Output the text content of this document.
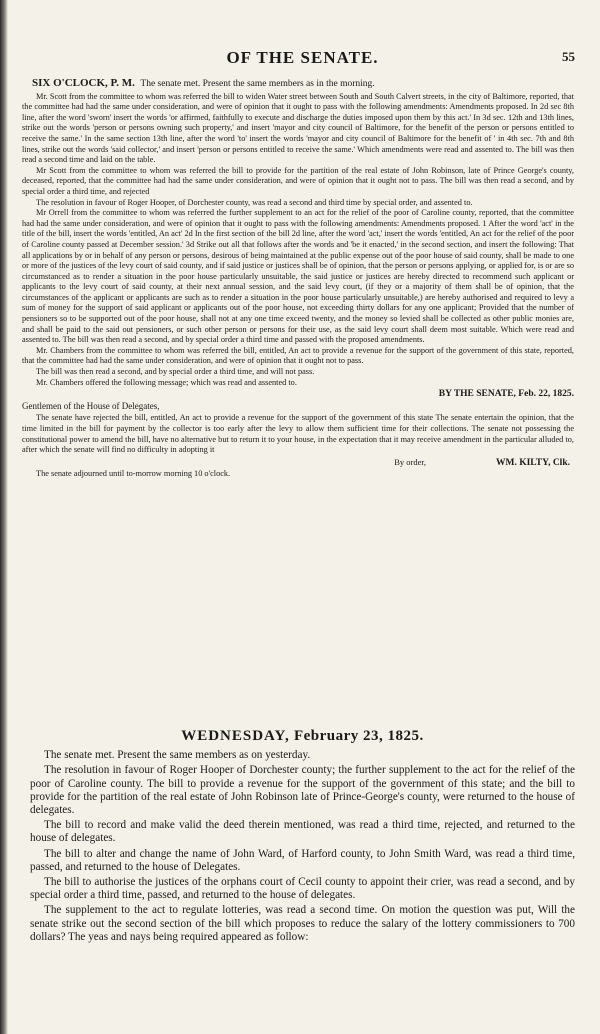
OF THE SENATE.	55

SIX O'CLOCK, P. M. The senate met. Present the same members as in the morning.

Mr. Scott from the committee to whom was referred the bill to widen Water street between South and South Calvert streets, in the city of Baltimore, reported, that the committee had had the same under consideration, and were of opinion that it ought to pass with the following amendments: Amendments proposed. In 2d sec 8th line, after the word 'sworn' insert the words 'or affirmed, faithfully to execute and discharge the duties imposed upon them by this act.' In 3d sec. 12th and 13th lines, strike out the words 'person or persons owning such property,' and insert 'mayor and city council of Baltimore, for the benefit of the person or persons entitled to receive the same.' In the same section 13th line, after the word 'to' insert the words 'mayor and city council of Baltimore for the benefit of ' in 4th sec. 7th and 8th lines, strike out the words 'said collector,' and insert 'person or persons entitled to receive the same.' Which amendments were read and assented to. The bill was then read a second time and laid on the table.

Mr Scott from the committee to whom was referred the bill to provide for the partition of the real estate of John Robinson, late of Prince George's county, deceased, reported, that the committee had had the same under consideration, and were of opinion that it ought not to pass. The bill was then read a second, and by special order a third time, and rejected

The resolution in favour of Roger Hooper, of Dorchester county, was read a second and third time by special order, and assented to.

Mr Orrell from the committee to whom was referred the further supplement to an act for the relief of the poor of Caroline county, reported, that the committee had had the same under consideration, and were of opinion that it ought to pass with the following amendments: Amendments proposed. 1 After the word 'act' in the title of the bill, insert the words 'entitled, An act' 2d In the first section of the bill 2d line, after the word 'act,' insert the words 'entitled, An act for the relief of the poor of Caroline county passed at December session.' 3d Strike out all that follows after the words and 'be it enacted,' in the second section, and insert the following: That all applications by or in behalf of any person or persons, desirous of being maintained at the public expense out of the poor house of said county, shall be made to one or more of the justices of the levy court of said county, and if said justice or justices shall be of opinion, that the person or persons applying, or applied for, is or are so circumstanced as to render a situation in the poor house particularly unsuitable, the said justice or justices are hereby directed to recommend such applicant or applicants to the levy court of said county, at their next annual session, and the said levy court, (if they or a majority of them shall be of opinion, that the circumstances of the applicant or applicants are such as to render a situation in the poor house particularly unsuitable,) are hereby authorised and required to levy a sum of money for the support of said applicant or applicants out of the poor house, not exceeding thirty dollars for any one applicant; Provided that the number of pensioners so to be supported out of the poor house, shall not at any one time exceed twenty, and the money so levied shall be collected as other public monies are, and shall be paid to the said out pensioners, or such other person or persons for their use, as the said levy court shall deem most suitable. Which were read and assented to. The bill was then read a second, and by special order a third time and passed with the proposed amendments.

Mr. Chambers from the committee to whom was referred the bill, entitled, An act to provide a revenue for the support of the government of this state, reported, that the committee had had the same under consideration, and were of opinion that it ought not to pass.

The bill was then read a second, and by special order a third time, and will not pass.

Mr. Chambers offered the following message; which was read and assented to.

BY THE SENATE, Feb. 22, 1825.

Gentlemen of the House of Delegates,

The senate have rejected the bill, entitled, An act to provide a revenue for the support of the government of this state The senate entertain the opinion, that the time limited in the bill for payment by the collector is too early after the levy to allow them sufficient time for their collections. The senate not possessing the constitutional power to amend the bill, have no alternative but to return it to your house, in the expectation that it may receive amendment in the particular alluded to, after which the senate will find no difficulty in adopting it

By order,	WM. KILTY, Clk.

The senate adjourned until to-morrow morning 10 o'clock.

WEDNESDAY, February 23, 1825.

The senate met. Present the same members as on yesterday.

The resolution in favour of Roger Hooper of Dorchester county; the further supplement to the act for the relief of the poor of Caroline county. The bill to provide a revenue for the support of the government of this state; and the bill to provide for the partition of the real estate of John Robinson late of Prince-George's county, were returned to the house of delegates.

The bill to record and make valid the deed therein mentioned, was read a third time, rejected, and returned to the house of delegates.

The bill to alter and change the name of John Ward, of Harford county, to John Smith Ward, was read a third time, passed, and returned to the house of Delegates.

The bill to authorise the justices of the orphans court of Cecil county to appoint their crier, was read a second, and by special order a third time, passed, and returned to the house of delegates.

The supplement to the act to regulate lotteries, was read a second time. On motion the question was put, Will the senate strike out the second section of the bill which proposes to reduce the salary of the lottery commissioners to 700 dollars? The yeas and nays being required appeared as follow:
